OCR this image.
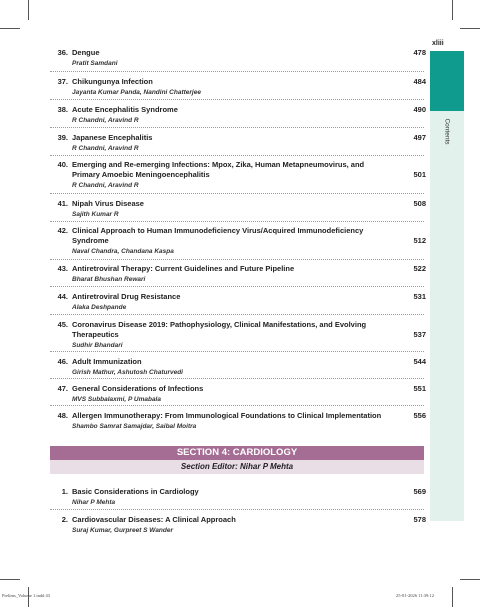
xliii
Contents
36. Dengue
Pratit Samdani
478
37. Chikungunya Infection
Jayanta Kumar Panda, Nandini Chatterjee
484
38. Acute Encephalitis Syndrome
R Chandni, Aravind R
490
39. Japanese Encephalitis
R Chandni, Aravind R
497
40. Emerging and Re-emerging Infections: Mpox, Zika, Human Metapneumovirus, and Primary Amoebic Meningoencephalitis
R Chandni, Aravind R
501
41. Nipah Virus Disease
Sajith Kumar R
508
42. Clinical Approach to Human Immunodeficiency Virus/Acquired Immunodeficiency Syndrome
Naval Chandra, Chandana Kaspa
512
43. Antiretroviral Therapy: Current Guidelines and Future Pipeline
Bharat Bhushan Rewari
522
44. Antiretroviral Drug Resistance
Alaka Deshpande
531
45. Coronavirus Disease 2019: Pathophysiology, Clinical Manifestations, and Evolving Therapeutics
Sudhir Bhandari
537
46. Adult Immunization
Girish Mathur, Ashutosh Chaturvedi
544
47. General Considerations of Infections
MVS Subbalaxmi, P Umabala
551
48. Allergen Immunotherapy: From Immunological Foundations to Clinical Implementation
Shambo Samrat Samajdar, Saibal Moitra
556
SECTION 4: CARDIOLOGY
Section Editor: Nihar P Mehta
1. Basic Considerations in Cardiology
Nihar P Mehta
569
2. Cardiovascular Diseases: A Clinical Approach
Suraj Kumar, Gurpreet S Wander
578
Prelims_Volume 1.indd 43	25-01-2026 11:39:12
